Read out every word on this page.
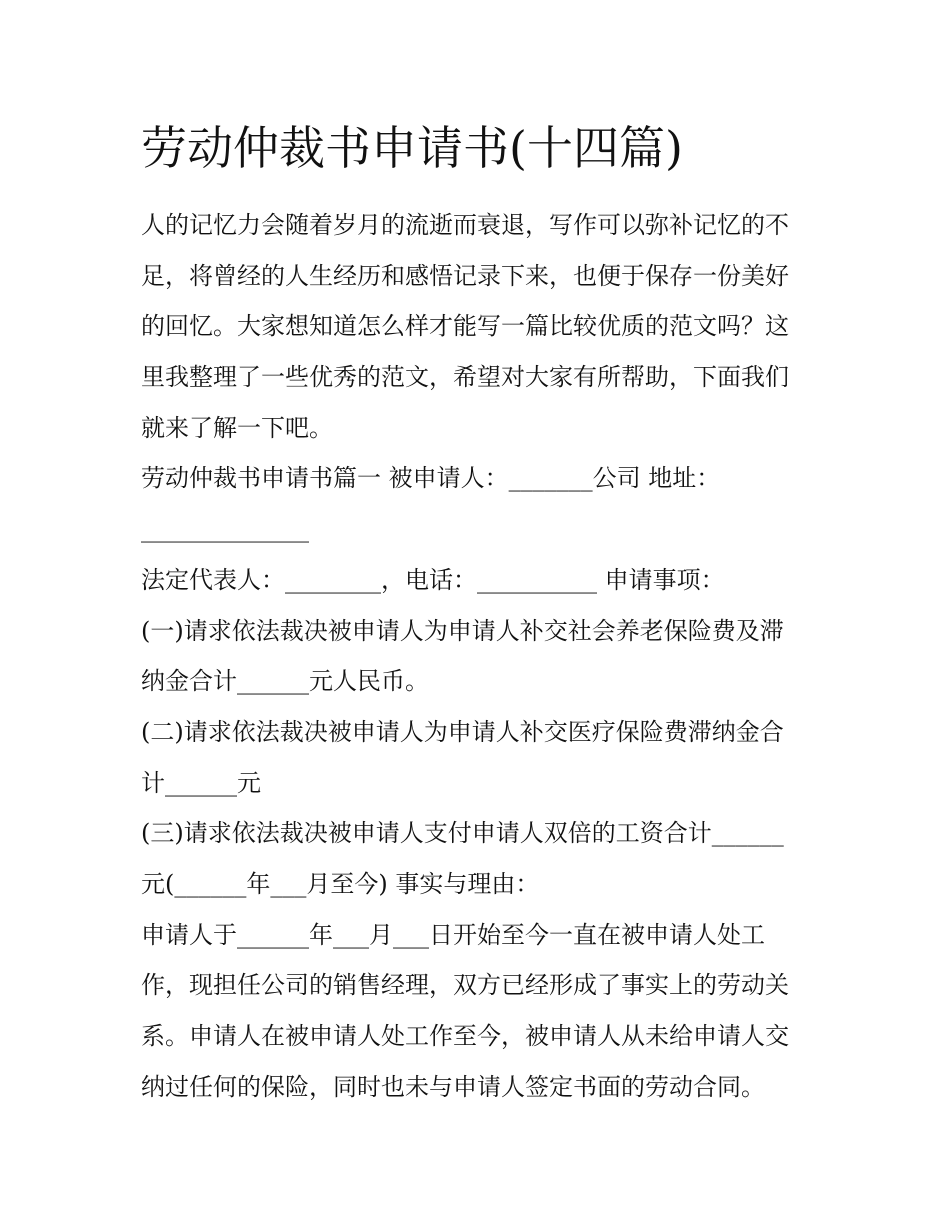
劳动仲裁书申请书(十四篇)
人的记忆力会随着岁月的流逝而衰退，写作可以弥补记忆的不
足，将曾经的人生经历和感悟记录下来，也便于保存一份美好
的回忆。大家想知道怎么样才能写一篇比较优质的范文吗？这
里我整理了一些优秀的范文，希望对大家有所帮助，下面我们
就来了解一下吧。
劳动仲裁书申请书篇一 被申请人：_______公司 地址：
______________
法定代表人：________，电话：__________ 申请事项：
(一)请求依法裁决被申请人为申请人补交社会养老保险费及滞
纳金合计______元人民币。
(二)请求依法裁决被申请人为申请人补交医疗保险费滞纳金合
计______元
(三)请求依法裁决被申请人支付申请人双倍的工资合计______
元(______年___月至今) 事实与理由：
申请人于______年___月___日开始至今一直在被申请人处工
作，现担任公司的销售经理，双方已经形成了事实上的劳动关
系。申请人在被申请人处工作至今，被申请人从未给申请人交
纳过任何的保险，同时也未与申请人签定书面的劳动合同。
